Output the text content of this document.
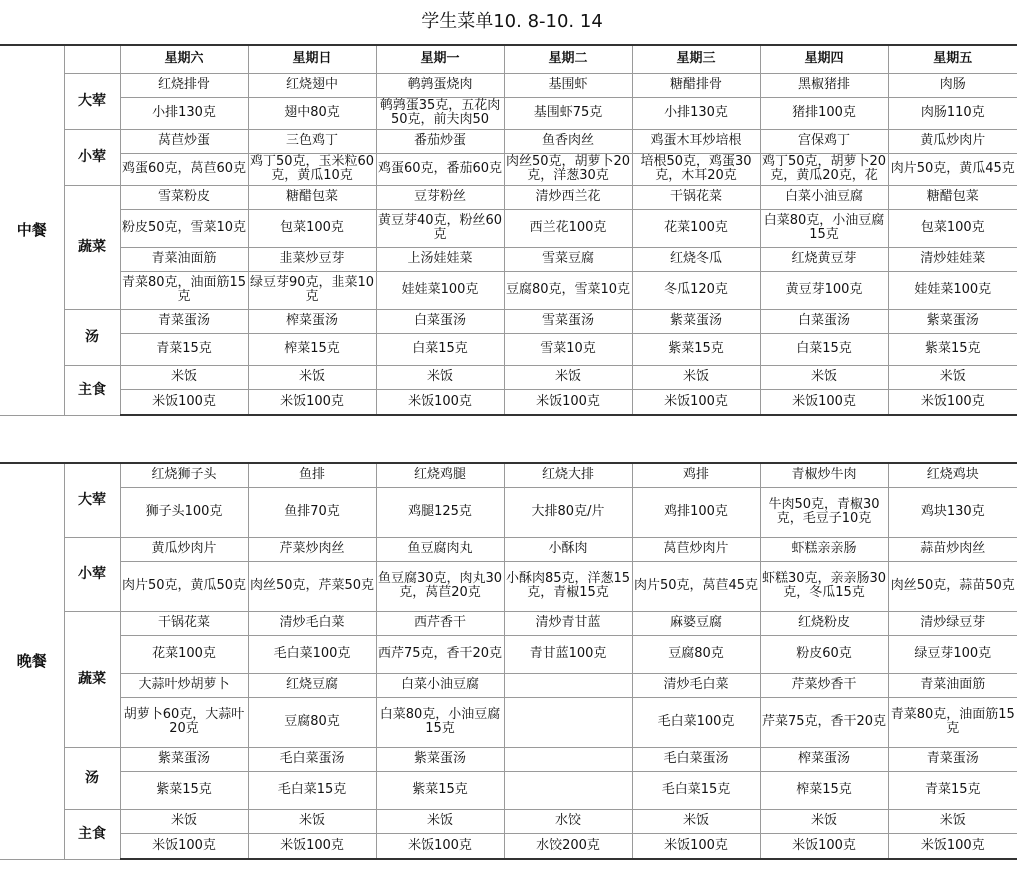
学生菜单10. 8-10. 14
中餐		星期六	星期日	星期一	星期二	星期三	星期四	星期五
	大荤	红烧排骨	红烧翅中	鹌鹑蛋烧肉	基围虾	糖醋排骨	黑椒猪排	肉肠
		小排130克	翅中80克	鹌鹑蛋35克，五花肉50克，前夫肉50	基围虾75克	小排130克	猪排100克	肉肠110克
	小荤	莴苣炒蛋	三色鸡丁	番茄炒蛋	鱼香肉丝	鸡蛋木耳炒培根	宫保鸡丁	黄瓜炒肉片
		鸡蛋60克，莴苣60克	鸡丁50克，玉米粒60克，黄瓜10克	鸡蛋60克，番茄60克	肉丝50克，胡萝卜20克，洋葱30克	培根50克，鸡蛋30克，木耳20克	鸡丁50克，胡萝卜20克，黄瓜20克，花	肉片50克，黄瓜45克
	蔬菜	雪菜粉皮	糖醋包菜	豆芽粉丝	清炒西兰花	干锅花菜	白菜小油豆腐	糖醋包菜
		粉皮50克，雪菜10克	包菜100克	黄豆芽40克，粉丝60克	西兰花100克	花菜100克	白菜80克，小油豆腐15克	包菜100克
		青菜油面筋	韭菜炒豆芽	上汤娃娃菜	雪菜豆腐	红烧冬瓜	红烧黄豆芽	清炒娃娃菜
		青菜80克，油面筋15克	绿豆芽90克，韭菜10克	娃娃菜100克	豆腐80克，雪菜10克	冬瓜120克	黄豆芽100克	娃娃菜100克
	汤	青菜蛋汤	榨菜蛋汤	白菜蛋汤	雪菜蛋汤	紫菜蛋汤	白菜蛋汤	紫菜蛋汤
		青菜15克	榨菜15克	白菜15克	雪菜10克	紫菜15克	白菜15克	紫菜15克
	主食	米饭	米饭	米饭	米饭	米饭	米饭	米饭
		米饭100克	米饭100克	米饭100克	米饭100克	米饭100克	米饭100克	米饭100克
晚餐	大荤	红烧狮子头	鱼排	红烧鸡腿	红烧大排	鸡排	青椒炒牛肉	红烧鸡块
		狮子头100克	鱼排70克	鸡腿125克	大排80克/片	鸡排100克	牛肉50克，青椒30克，毛豆子10克	鸡块130克
	小荤	黄瓜炒肉片	芹菜炒肉丝	鱼豆腐肉丸	小酥肉	莴苣炒肉片	虾糕亲亲肠	蒜苗炒肉丝
		肉片50克，黄瓜50克	肉丝50克，芹菜50克	鱼豆腐30克，肉丸30克，莴苣20克	小酥肉85克，洋葱15克，青椒15克	肉片50克，莴苣45克	虾糕30克，亲亲肠30克，冬瓜15克	肉丝50克，蒜苗50克
	蔬菜	干锅花菜	清炒毛白菜	西芹香干	清炒青甘蓝	麻婆豆腐	红烧粉皮	清炒绿豆芽
		花菜100克	毛白菜100克	西芹75克，香干20克	青甘蓝100克	豆腐80克	粉皮60克	绿豆芽100克
		大蒜叶炒胡萝卜	红烧豆腐	白菜小油豆腐		清炒毛白菜	芹菜炒香干	青菜油面筋
		胡萝卜60克，大蒜叶20克	豆腐80克	白菜80克，小油豆腐15克		毛白菜100克	芹菜75克，香干20克	青菜80克，油面筋15克
	汤	紫菜蛋汤	毛白菜蛋汤	紫菜蛋汤		毛白菜蛋汤	榨菜蛋汤	青菜蛋汤
		紫菜15克	毛白菜15克	紫菜15克		毛白菜15克	榨菜15克	青菜15克
	主食	米饭	米饭	米饭	水饺	米饭	米饭	米饭
		米饭100克	米饭100克	米饭100克	水饺200克	米饭100克	米饭100克	米饭100克
